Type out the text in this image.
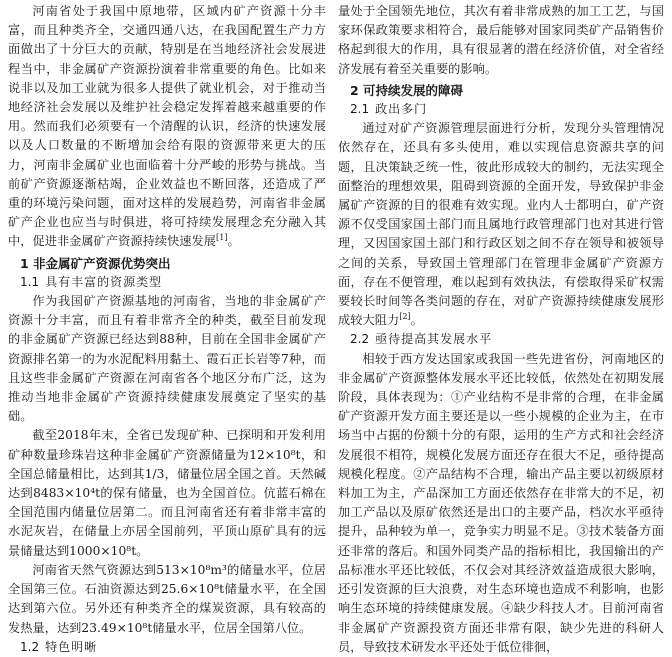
河南省处于我国中原地带，区域内矿产资源十分丰富，而且种类齐全，交通四通八达，在我国配置生产力方面做出了十分巨大的贡献，特别是在当地经济社会发展进程当中，非金属矿产资源扮演着非常重要的角色。比如来说非以及加工业就为很多人提供了就业机会，对于推动当地经济社会发展以及维护社会稳定发挥着越来越重要的作用。然而我们必须要有一个清醒的认识，经济的快速发展以及人口数量的不断增加会给有限的资源带来更大的压力，河南非金属矿业也面临着十分严峻的形势与挑战。当前矿产资源逐渐枯竭，企业效益也不断回落，还造成了严重的环境污染问题，面对这样的发展趋势，河南省非金属矿产企业也应当与时俱进，将可持续发展理念充分融入其中，促进非金属矿产资源持续快速发展[1]。

1 非金属矿产资源优势突出
1.1 具有丰富的资源类型

作为我国矿产资源基地的河南省，当地的非金属矿产资源十分丰富，而且有着非常齐全的种类，截至目前发现的非金属矿产资源已经达到88种，目前在全国非金属矿产资源排名第一的为水泥配料用黏土、霞石正长岩等7种，而且这些非金属矿产资源在河南省各个地区分布广泛，这为推动当地非金属矿产资源持续健康发展奠定了坚实的基础。

截至2018年末，全省已发现矿种、已探明和开发利用矿种数量珍珠岩这种非金属矿产资源储量为12×10⁸t，和全国总储量相比，达到其1/3，储量位居全国之首。天然碱达到8483×10⁴t的保有储量，也为全国首位。伉蓝石棉在全国范围内储量位居第二。而且河南省还有着非常丰富的水泥灰岩，在储量上亦居全国前列，平顶山原矿具有的远景储量达到1000×10⁸t。

河南省天然气资源达到513×10⁸m³的储量水平，位居全国第三位。石油资源达到25.6×10⁸t储量水平，在全国达到第六位。另外还有种类齐全的煤炭资源，具有较高的发热量，达到23.49×10⁸t储量水平，位居全国第八位。

1.2 特色明晰

量处于全国领先地位，其次有着非常成熟的加工工艺，与国家环保政策要求相符合，最后能够对国家同类矿产品销售价格起到很大的作用，具有很显著的潜在经济价值，对全省经济发展有着至关重要的影响。

2 可持续发展的障碍
2.1 政出多门

通过对矿产资源管理层面进行分析，发现分头管理情况依然存在，还具有多头使用，难以实现信息资源共享的问题，且决策缺乏统一性，彼此形成较大的制约，无法实现全面整治的理想效果，阻碍到资源的全面开发，导致保护非金属矿产资源的目的很难有效实现。业内人士都明白，矿产资源不仅受国家国土部门而且属地行政管理部门也对其进行管理，又因国家国土部门和行政区划之间不存在领导和被领导之间的关系，导致国土管理部门在管理非金属矿产资源方面，存在不便管理，难以起到有效执法，有偿取得采矿权需要较长时间等各类问题的存在，对矿产资源持续健康发展形成较大阻力[2]。

2.2 亟待提高其发展水平

相较于西方发达国家或我国一些先进省份，河南地区的非金属矿产资源整体发展水平还比较低，依然处在初期发展阶段，具体表现为：①产业结构不是非常的合理，在非金属矿产资源开发方面主要还是以一些小规模的企业为主，在市场当中占据的份额十分的有限，运用的生产方式和社会经济发展很不相符，规模化发展方面还存在很大不足，亟待提高规模化程度。②产品结构不合理，输出产品主要以初级原材料加工为主，产品深加工方面还依然存在非常大的不足，初加工产品以及原矿依然还是出口的主要产品，档次水平亟待提升，品种较为单一，竞争实力明显不足。③技术装备方面还非常的落后。和国外同类产品的指标相比，我国输出的产品标准水平还比较低，不仅会对其经济效益造成很大影响，还引发资源的巨大浪费，对生态环境也造成不利影响，也影响生态环境的持续健康发展。④缺少科技人才。目前河南省非金属矿产资源投资方面还非常有限，缺少先进的科研人员，导致技术研发水平还处于低位徘徊，
